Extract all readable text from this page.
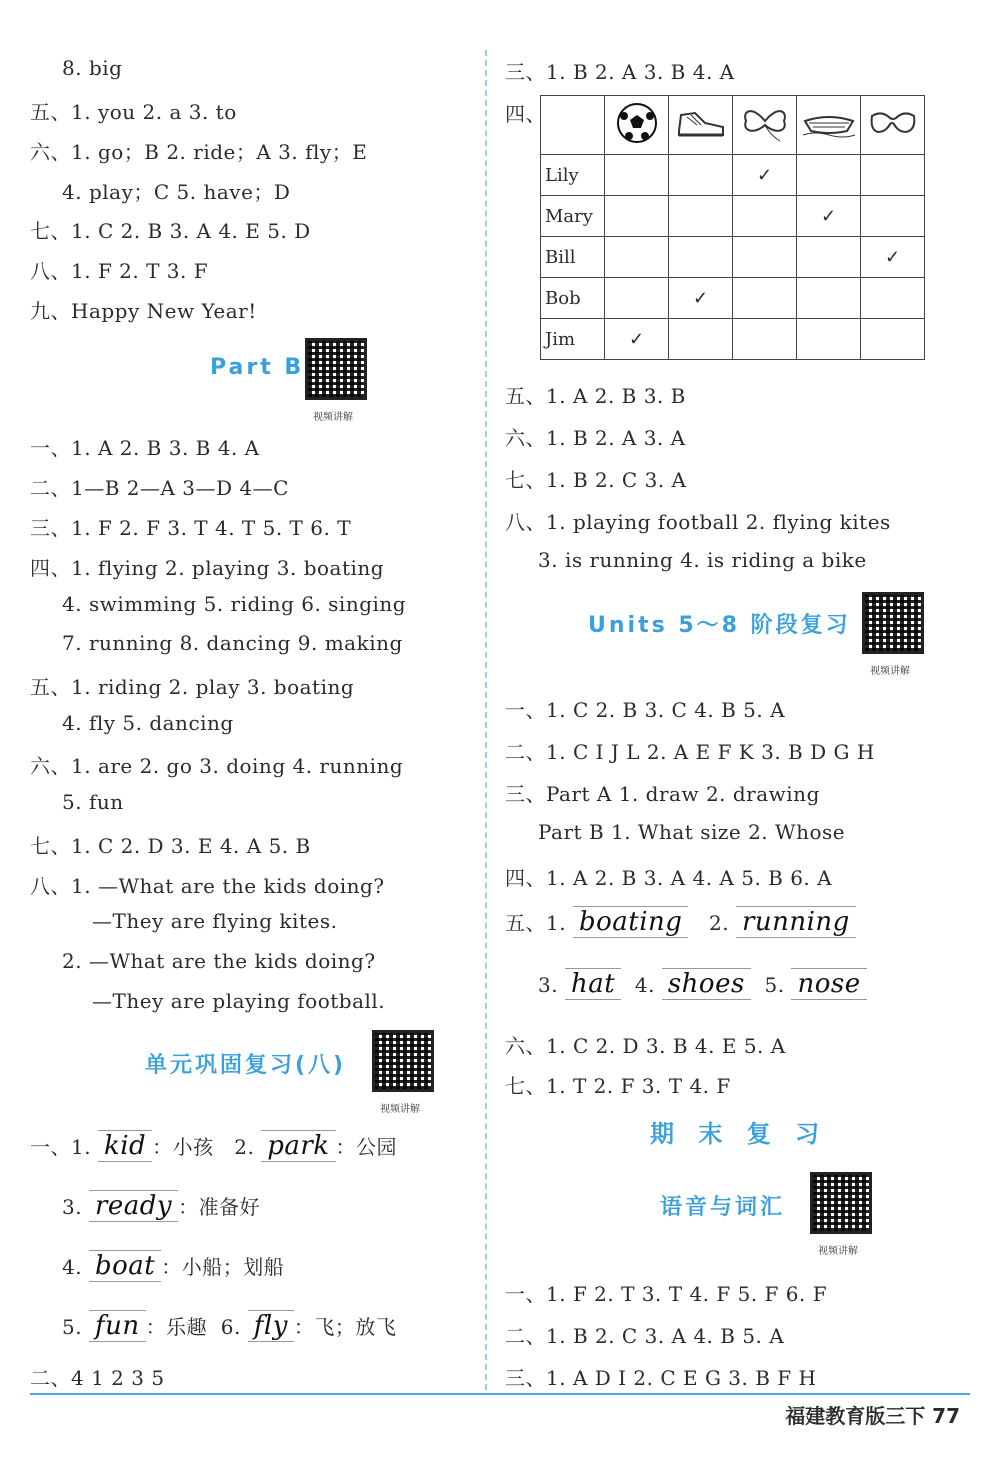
8. big
五、1. you 2. a 3. to
六、1. go；B 2. ride；A 3. fly；E
4. play；C 5. have；D
七、1. C 2. B 3. A 4. E 5. D
八、1. F 2. T 3. F
九、Happy New Year!
Part B
视频讲解
一、1. A 2. B 3. B 4. A
二、1—B 2—A 3—D 4—C
三、1. F 2. F 3. T 4. T 5. T 6. T
四、1. flying 2. playing 3. boating
4. swimming 5. riding 6. singing
7. running 8. dancing 9. making
五、1. riding 2. play 3. boating
4. fly 5. dancing
六、1. are 2. go 3. doing 4. running
5. fun
七、1. C 2. D 3. E 4. A 5. B
八、1. —What are the kids doing?
—They are flying kites.
2. —What are the kids doing?
—They are playing football.
单元巩固复习(八)
视频讲解
一、1. kid ：小孩 2. park ：公园
3. ready ：准备好
4. boat ：小船；划船
5. fun ：乐趣 6. fly ：飞；放飞
二、4 1 2 3 5
三、1. B 2. A 3. B 4. A
四、

Lily			✓		
Mary				✓	
Bill					✓
Bob		✓			
Jim	✓				
五、1. A 2. B 3. B
六、1. B 2. A 3. A
七、1. B 2. C 3. A
八、1. playing football 2. flying kites
3. is running 4. is riding a bike
Units 5～8 阶段复习
视频讲解
一、1. C 2. B 3. C 4. B 5. A
二、1. C I J L 2. A E F K 3. B D G H
三、Part A 1. draw 2. drawing
Part B 1. What size 2. Whose
四、1. A 2. B 3. A 4. A 5. B 6. A
五、1. boating 2. running
3. hat 4. shoes 5. nose
六、1. C 2. D 3. B 4. E 5. A
七、1. T 2. F 3. T 4. F
期 末 复 习
语音与词汇
视频讲解
一、1. F 2. T 3. T 4. F 5. F 6. F
二、1. B 2. C 3. A 4. B 5. A
三、1. A D I 2. C E G 3. B F H
福建教育版三下 77
